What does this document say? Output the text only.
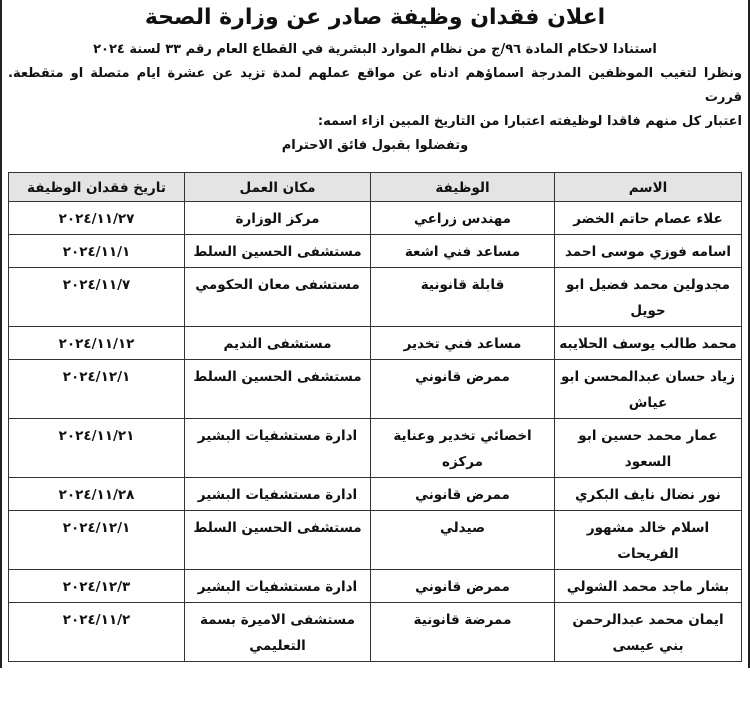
اعلان فقدان وظيفة صادر عن وزارة الصحة
استنادا لاحكام المادة ٩٦/ج من نظام الموارد البشرية في القطاع العام رقم ٣٣ لسنة ٢٠٢٤
ونظرا لتغيب الموظفين المدرجة اسماؤهم ادناه عن مواقع عملهم لمدة تزيد عن عشرة ايام متصلة او متقطعة. قررت
اعتبار كل منهم فاقدا لوظيفته اعتبارا من التاريخ المبين ازاء اسمه:
وتفضلوا بقبول فائق الاحترام
الاسم	الوظيفة	مكان العمل	تاريخ فقدان الوظيفة
علاء عصام حاتم الخضر	مهندس زراعي	مركز الوزارة	٢٠٢٤/١١/٢٧
اسامه فوزي موسى احمد	مساعد فني اشعة	مستشفى الحسين السلط	٢٠٢٤/١١/١
مجدولين محمد فضيل ابو حويل	قابلة قانونية	مستشفى معان الحكومي	٢٠٢٤/١١/٧
محمد طالب يوسف الحلايبه	مساعد فني تخدير	مستشفى النديم	٢٠٢٤/١١/١٢
زياد حسان عبدالمحسن ابو عياش	ممرض قانوني	مستشفى الحسين السلط	٢٠٢٤/١٢/١
عمار محمد حسين ابو السعود	اخصائي تخدير وعناية مركزه	ادارة مستشفيات البشير	٢٠٢٤/١١/٢١
نور نضال نايف البكري	ممرض قانوني	ادارة مستشفيات البشير	٢٠٢٤/١١/٢٨
اسلام خالد مشهور الفريحات	صيدلي	مستشفى الحسين السلط	٢٠٢٤/١٢/١
بشار ماجد محمد الشولي	ممرض قانوني	ادارة مستشفيات البشير	٢٠٢٤/١٢/٣
ايمان محمد عبدالرحمن بني عيسى	ممرضة قانونية	مستشفى الاميرة بسمة التعليمي	٢٠٢٤/١١/٢
